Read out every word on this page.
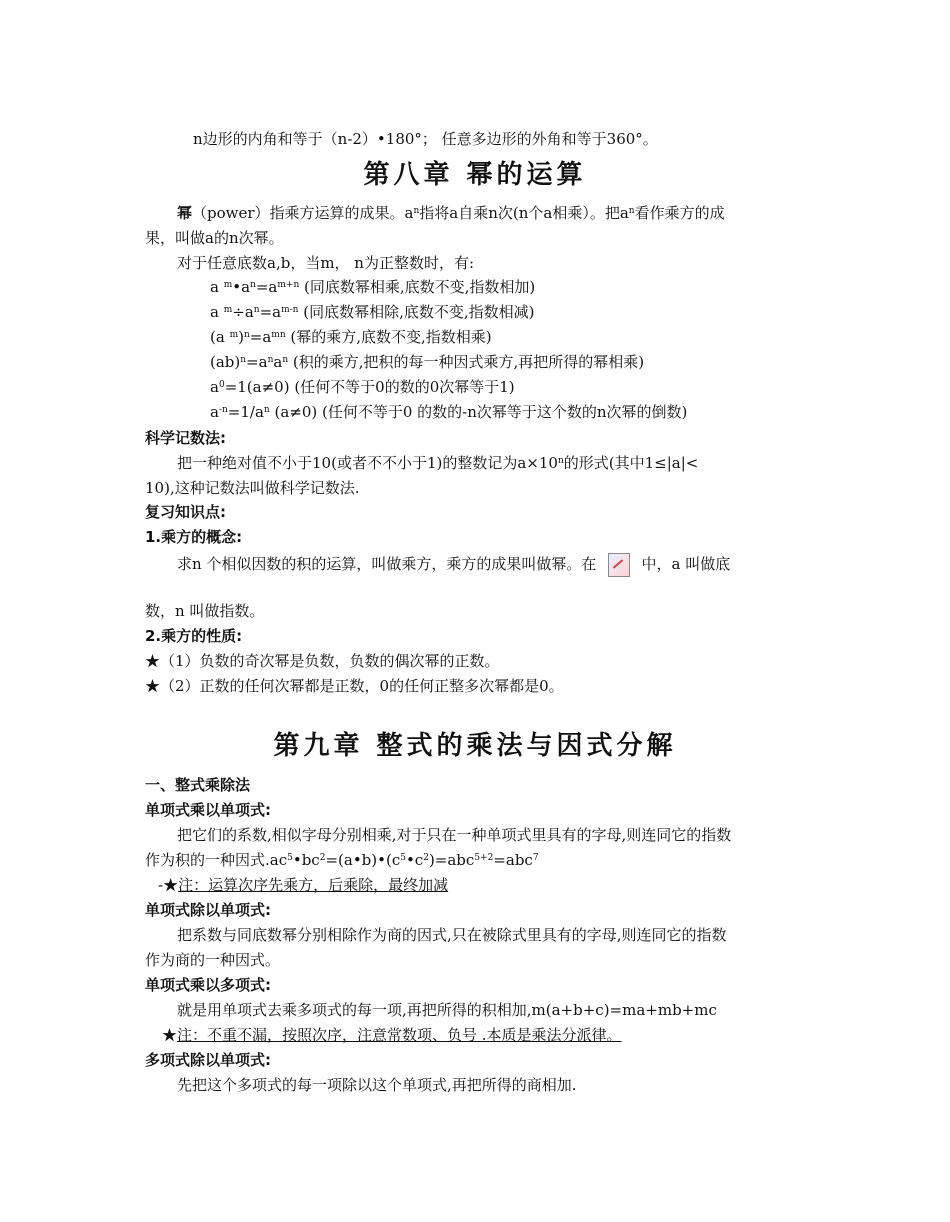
n边形的内角和等于（n-2）•180°； 任意多边形的外角和等于360°。
第八章 幂的运算
幂（power）指乘方运算的成果。$a^n$指将a自乘n次(n个a相乘）。把$a^n$看作乘方的成
果，叫做a的n次幂。
对于任意底数a,b，当m， n为正整数时，有:
a $^m•a^n=a^{m+n}$ (同底数幂相乘,底数不变,指数相加)
a $^m\div a^n=a^{m-n}$ (同底数幂相除,底数不变,指数相减)
(a $^m)^n=a^{mn}$ (幂的乘方,底数不变,指数相乘)
$(ab)^n=a^na^n$ (积的乘方,把积的每一种因式乘方,再把所得的幂相乘)
$a^0=1(a\ne 0)$ (任何不等于0的数的0次幂等于1)
$a^{-n}=1/a^n$ (a≠0) (任何不等于0 的数的-n次幂等于这个数的n次幂的倒数)
科学记数法:
把一种绝对值不小于10(或者不不小于1)的整数记为$a\times 10^n$的形式(其中1≤|a|<
10),这种记数法叫做科学记数法.
复习知识点:
1.乘方的概念:
求n 个相似因数的积的运算，叫做乘方，乘方的成果叫做幂。在	中，a 叫做底
数，n 叫做指数。
2.乘方的性质:
★（1）负数的奇次幂是负数，负数的偶次幂的正数。
★（2）正数的任何次幂都是正数，0的任何正整多次幂都是0。
第九章 整式的乘法与因式分解
一、整式乘除法
单项式乘以单项式:
把它们的系数,相似字母分别相乘,对于只在一种单项式里具有的字母,则连同它的指数
作为积的一种因式$.ac^5•bc^2=(a•b)•(c^5•c^2)=abc^{5+2}=abc^7$
-★注：运算次序先乘方，后乘除，最终加减
单项式除以单项式:
把系数与同底数幂分别相除作为商的因式,只在被除式里具有的字母,则连同它的指数
作为商的一种因式。
单项式乘以多项式:
就是用单项式去乘多项式的每一项,再把所得的积相加,m(a+b+c)=ma+mb+mc
★注：不重不漏，按照次序，注意常数项、负号 .本质是乘法分派律。
多项式除以单项式:
先把这个多项式的每一项除以这个单项式,再把所得的商相加.
